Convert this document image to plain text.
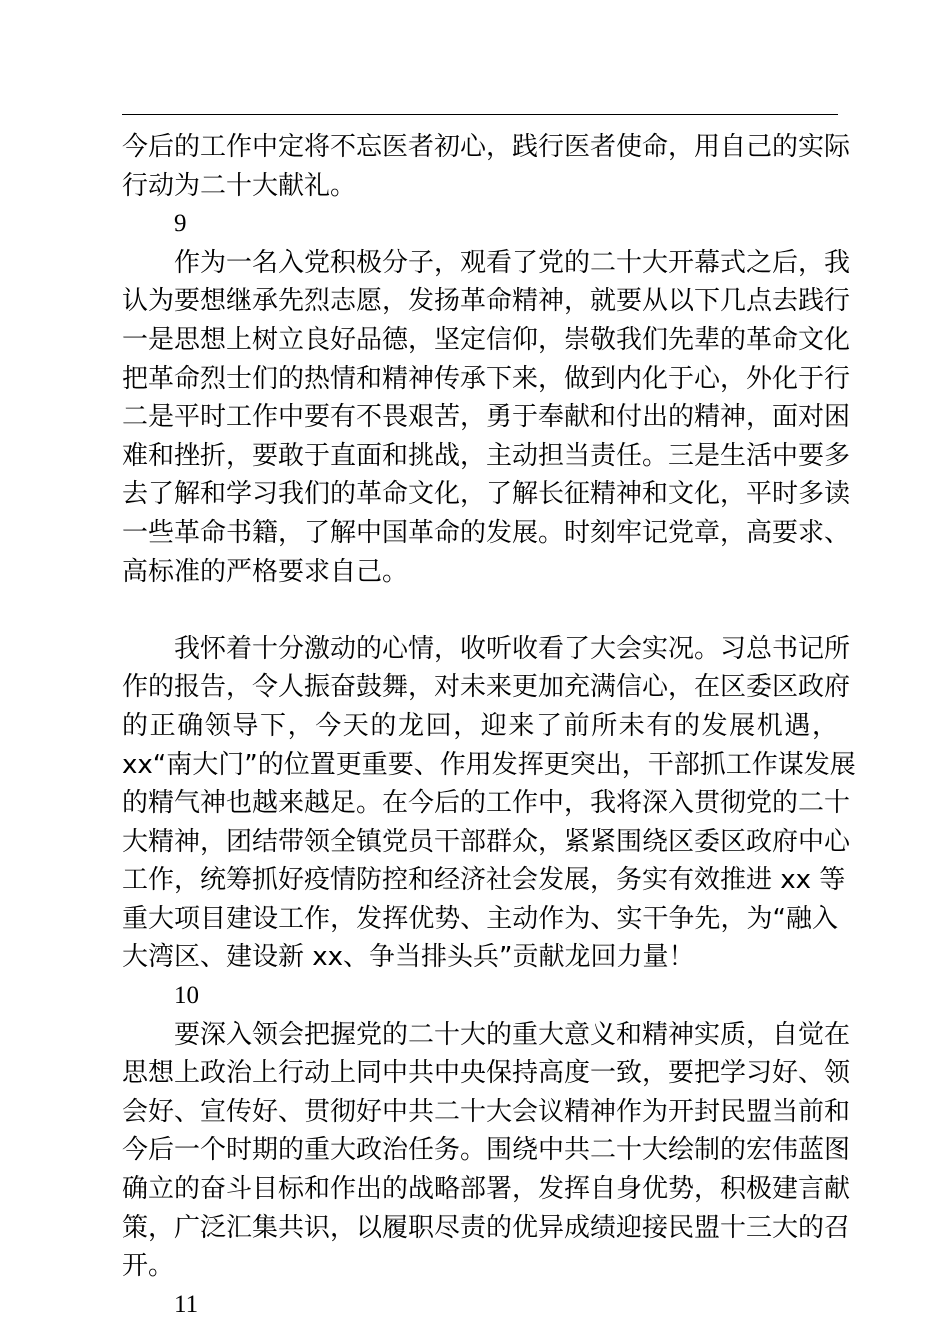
今后的工作中定将不忘医者初心，践行医者使命，用自己的实际
行动为二十大献礼。
9
作为一名入党积极分子，观看了党的二十大开幕式之后，我
认为要想继承先烈志愿，发扬革命精神，就要从以下几点去践行
一是思想上树立良好品德，坚定信仰，崇敬我们先辈的革命文化
把革命烈士们的热情和精神传承下来，做到内化于心，外化于行
二是平时工作中要有不畏艰苦，勇于奉献和付出的精神，面对困
难和挫折，要敢于直面和挑战，主动担当责任。三是生活中要多
去了解和学习我们的革命文化，了解长征精神和文化，平时多读
一些革命书籍，了解中国革命的发展。时刻牢记党章，高要求、
高标准的严格要求自己。
我怀着十分激动的心情，收听收看了大会实况。习总书记所
作的报告，令人振奋鼓舞，对未来更加充满信心，在区委区政府
的正确领导下，今天的龙回，迎来了前所未有的发展机遇，
xx“南大门”的位置更重要、作用发挥更突出，干部抓工作谋发展
的精气神也越来越足。在今后的工作中，我将深入贯彻党的二十
大精神，团结带领全镇党员干部群众，紧紧围绕区委区政府中心
工作，统筹抓好疫情防控和经济社会发展，务实有效推进 xx 等
重大项目建设工作，发挥优势、主动作为、实干争先，为“融入
大湾区、建设新 xx、争当排头兵”贡献龙回力量！
10
要深入领会把握党的二十大的重大意义和精神实质，自觉在
思想上政治上行动上同中共中央保持高度一致，要把学习好、领
会好、宣传好、贯彻好中共二十大会议精神作为开封民盟当前和
今后一个时期的重大政治任务。围绕中共二十大绘制的宏伟蓝图
确立的奋斗目标和作出的战略部署，发挥自身优势，积极建言献
策，广泛汇集共识，以履职尽责的优异成绩迎接民盟十三大的召
开。
11
